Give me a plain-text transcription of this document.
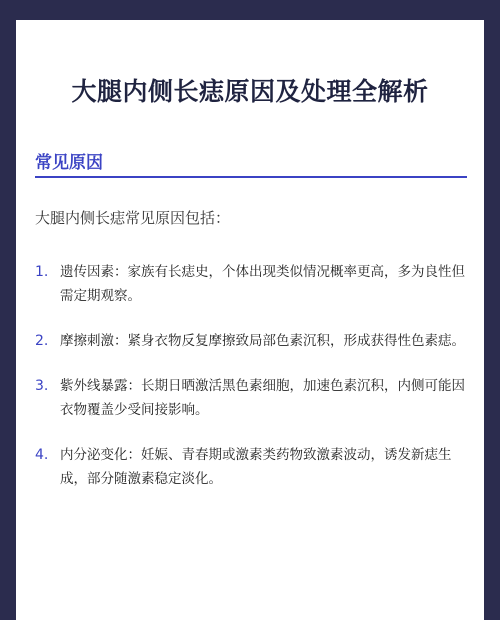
大腿内侧长痣原因及处理全解析
常见原因
大腿内侧长痣常见原因包括：
1. 遗传因素：家族有长痣史，个体出现类似情况概率更高，多为良性但需定期观察。
2. 摩擦刺激：紧身衣物反复摩擦致局部色素沉积，形成获得性色素痣。
3. 紫外线暴露：长期日晒激活黑色素细胞，加速色素沉积，内侧可能因衣物覆盖少受间接影响。
4. 内分泌变化：妊娠、青春期或激素类药物致激素波动，诱发新痣生成，部分随激素稳定淡化。
